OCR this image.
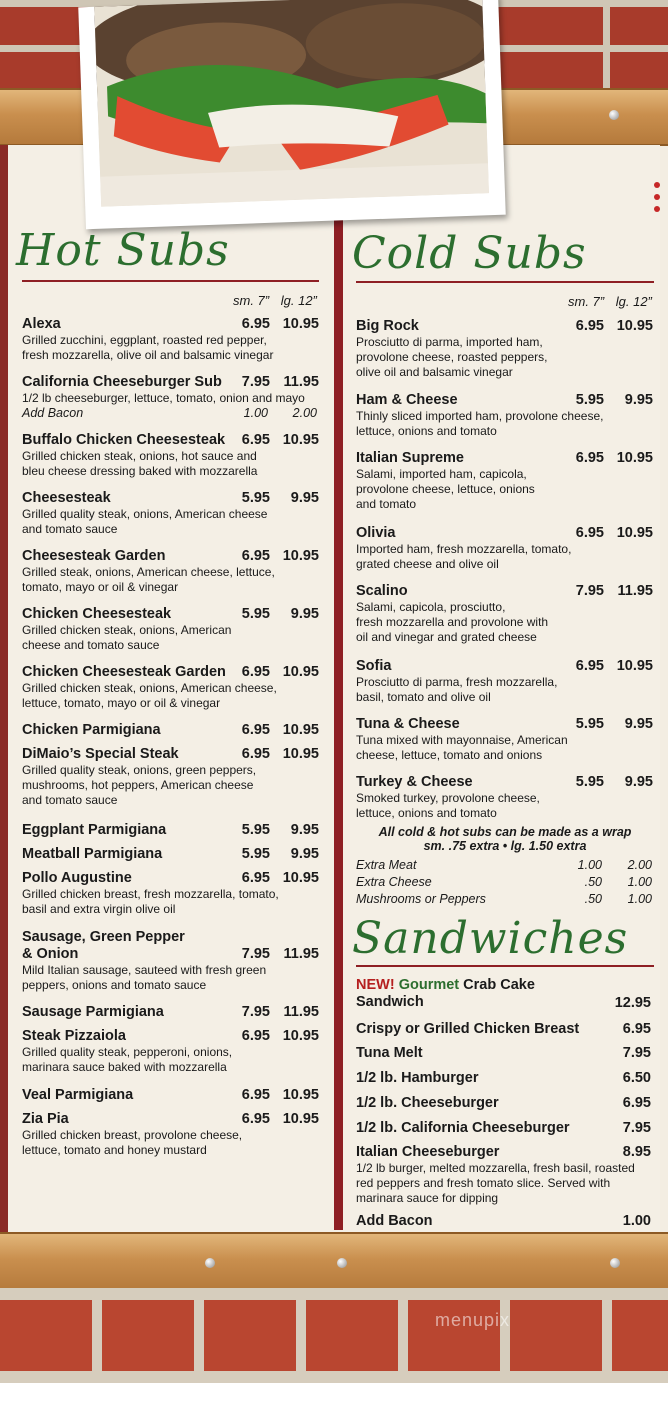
Hot Subs
sm. 7” lg. 12”
Alexa	6.95 10.95
Grilled zucchini, eggplant, roasted red pepper,
fresh mozzarella, olive oil and balsamic vinegar
California Cheeseburger Sub	7.95 11.95
1/2 lb cheeseburger, lettuce, tomato, onion and mayo
Add Bacon	1.00 2.00
Buffalo Chicken Cheesesteak	6.95 10.95
Grilled chicken steak, onions, hot sauce and
bleu cheese dressing baked with mozzarella
Cheesesteak	5.95 9.95
Grilled quality steak, onions, American cheese
and tomato sauce
Cheesesteak Garden	6.95 10.95
Grilled steak, onions, American cheese, lettuce,
tomato, mayo or oil & vinegar
Chicken Cheesesteak	5.95 9.95
Grilled chicken steak, onions, American
cheese and tomato sauce
Chicken Cheesesteak Garden	6.95 10.95
Grilled chicken steak, onions, American cheese,
lettuce, tomato, mayo or oil & vinegar
Chicken Parmigiana	6.95 10.95
DiMaio’s Special Steak	6.95 10.95
Grilled quality steak, onions, green peppers,
mushrooms, hot peppers, American cheese
and tomato sauce
Eggplant Parmigiana	5.95 9.95
Meatball Parmigiana	5.95 9.95
Pollo Augustine	6.95 10.95
Grilled chicken breast, fresh mozzarella, tomato,
basil and extra virgin olive oil
Sausage, Green Pepper
& Onion	7.95 11.95
Mild Italian sausage, sauteed with fresh green
peppers, onions and tomato sauce
Sausage Parmigiana	7.95 11.95
Steak Pizzaiola	6.95 10.95
Grilled quality steak, pepperoni, onions,
marinara sauce baked with mozzarella
Veal Parmigiana	6.95 10.95
Zia Pia	6.95 10.95
Grilled chicken breast, provolone cheese,
lettuce, tomato and honey mustard
Cold Subs
sm. 7” lg. 12”
Big Rock	6.95 10.95
Prosciutto di parma, imported ham,
provolone cheese, roasted peppers,
olive oil and balsamic vinegar
Ham & Cheese	5.95 9.95
Thinly sliced imported ham, provolone cheese,
lettuce, onions and tomato
Italian Supreme	6.95 10.95
Salami, imported ham, capicola,
provolone cheese, lettuce, onions
and tomato
Olivia	6.95 10.95
Imported ham, fresh mozzarella, tomato,
grated cheese and olive oil
Scalino	7.95 11.95
Salami, capicola, prosciutto,
fresh mozzarella and provolone with
oil and vinegar and grated cheese
Sofia	6.95 10.95
Prosciutto di parma, fresh mozzarella,
basil, tomato and olive oil
Tuna & Cheese	5.95 9.95
Tuna mixed with mayonnaise, American
cheese, lettuce, tomato and onions
Turkey & Cheese	5.95 9.95
Smoked turkey, provolone cheese,
lettuce, onions and tomato
All cold & hot subs can be made as a wrap
sm. .75 extra • lg. 1.50 extra
Extra Meat	1.00 2.00
Extra Cheese	.50 1.00
Mushrooms or Peppers	.50 1.00
Sandwiches
NEW! Gourmet Crab Cake
Sandwich	12.95
Crispy or Grilled Chicken Breast	6.95
Tuna Melt	7.95
1/2 lb. Hamburger	6.50
1/2 lb. Cheeseburger	6.95
1/2 lb. California Cheeseburger	7.95
Italian Cheeseburger	8.95
1/2 lb burger, melted mozzarella, fresh basil, roasted
red peppers and fresh tomato slice. Served with
marinara sauce for dipping
Add Bacon	1.00
menupix
